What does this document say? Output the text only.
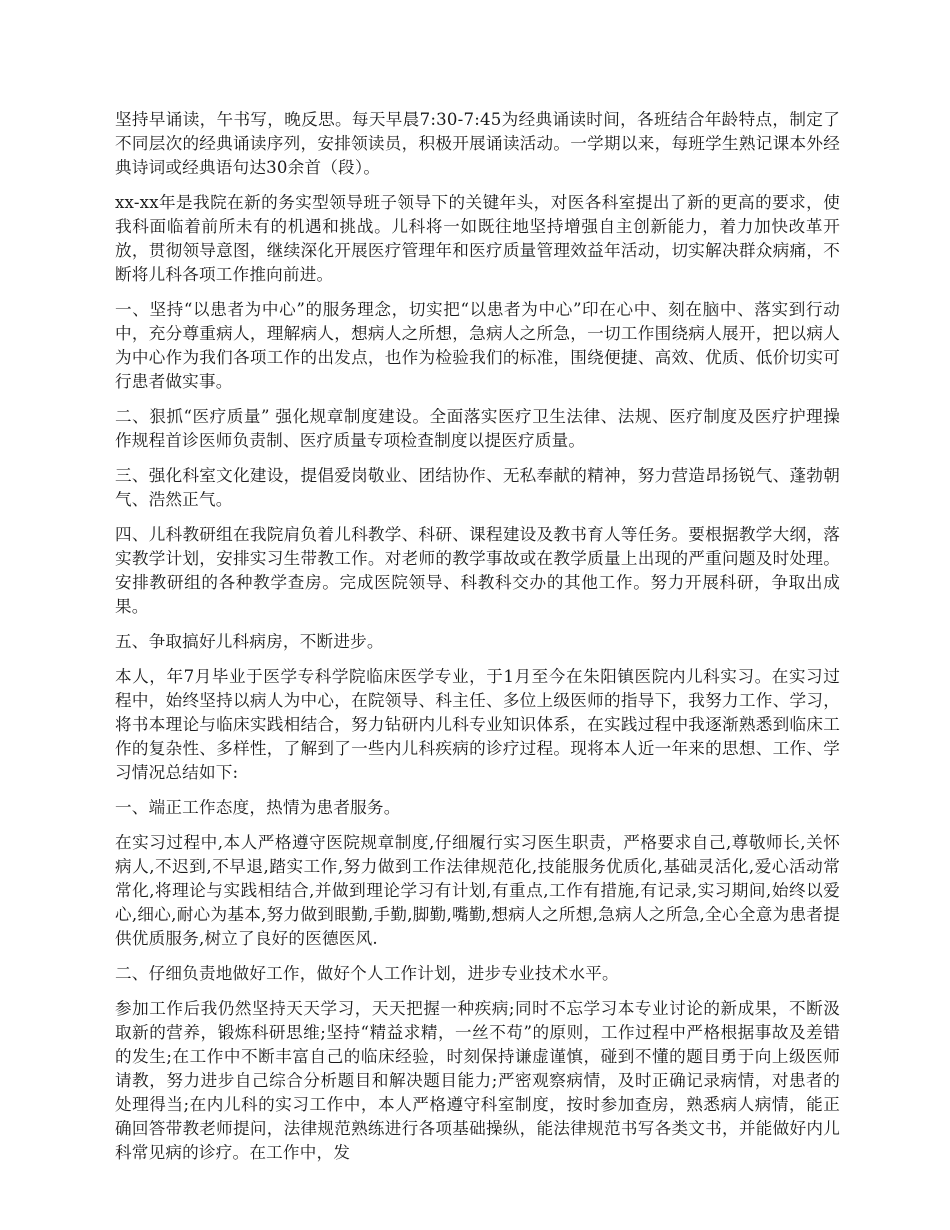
坚持早诵读，午书写，晚反思。每天早晨7:30-7:45为经典诵读时间，各班结合年龄特点，制定了不同层次的经典诵读序列，安排领读员，积极开展诵读活动。一学期以来，每班学生熟记课本外经典诗词或经典语句达30余首（段）。

xx-xx年是我院在新的务实型领导班子领导下的关键年头，对医各科室提出了新的更高的要求，使我科面临着前所未有的机遇和挑战。儿科将一如既往地坚持增强自主创新能力，着力加快改革开放，贯彻领导意图，继续深化开展医疗管理年和医疗质量管理效益年活动，切实解决群众病痛，不断将儿科各项工作推向前进。

一、坚持“以患者为中心”的服务理念，切实把“以患者为中心”印在心中、刻在脑中、落实到行动中，充分尊重病人，理解病人，想病人之所想，急病人之所急，一切工作围绕病人展开，把以病人为中心作为我们各项工作的出发点，也作为检验我们的标准，围绕便捷、高效、优质、低价切实可行患者做实事。

二、狠抓“医疗质量” 强化规章制度建设。全面落实医疗卫生法律、法规、医疗制度及医疗护理操作规程首诊医师负责制、医疗质量专项检查制度以提医疗质量。

三、强化科室文化建设，提倡爱岗敬业、团结协作、无私奉献的精神，努力营造昂扬锐气、蓬勃朝气、浩然正气。

四、儿科教研组在我院肩负着儿科教学、科研、课程建设及教书育人等任务。要根据教学大纲，落实教学计划，安排实习生带教工作。对老师的教学事故或在教学质量上出现的严重问题及时处理。安排教研组的各种教学查房。完成医院领导、科教科交办的其他工作。努力开展科研，争取出成果。

五、争取搞好儿科病房，不断进步。

本人，年7月毕业于医学专科学院临床医学专业，于1月至今在朱阳镇医院内儿科实习。在实习过程中，始终坚持以病人为中心，在院领导、科主任、多位上级医师的指导下，我努力工作、学习，将书本理论与临床实践相结合，努力钻研内儿科专业知识体系，在实践过程中我逐渐熟悉到临床工作的复杂性、多样性，了解到了一些内儿科疾病的诊疗过程。现将本人近一年来的思想、工作、学习情况总结如下:

一、端正工作态度，热情为患者服务。

在实习过程中,本人严格遵守医院规章制度,仔细履行实习医生职责，严格要求自己,尊敬师长,关怀病人,不迟到,不早退,踏实工作,努力做到工作法律规范化,技能服务优质化,基础灵活化,爱心活动常常化,将理论与实践相结合,并做到理论学习有计划,有重点,工作有措施,有记录,实习期间,始终以爱心,细心,耐心为基本,努力做到眼勤,手勤,脚勤,嘴勤,想病人之所想,急病人之所急,全心全意为患者提供优质服务,树立了良好的医德医风.

二、仔细负责地做好工作，做好个人工作计划，进步专业技术水平。

参加工作后我仍然坚持天天学习，天天把握一种疾病;同时不忘学习本专业讨论的新成果，不断汲取新的营养，锻炼科研思维;坚持“精益求精，一丝不苟”的原则，工作过程中严格根据事故及差错的发生;在工作中不断丰富自己的临床经验，时刻保持谦虚谨慎，碰到不懂的题目勇于向上级医师请教，努力进步自己综合分析题目和解决题目能力;严密观察病情，及时正确记录病情，对患者的处理得当;在内儿科的实习工作中，本人严格遵守科室制度，按时参加查房，熟悉病人病情，能正确回答带教老师提问，法律规范熟练进行各项基础操纵，能法律规范书写各类文书，并能做好内儿科常见病的诊疗。在工作中，发
